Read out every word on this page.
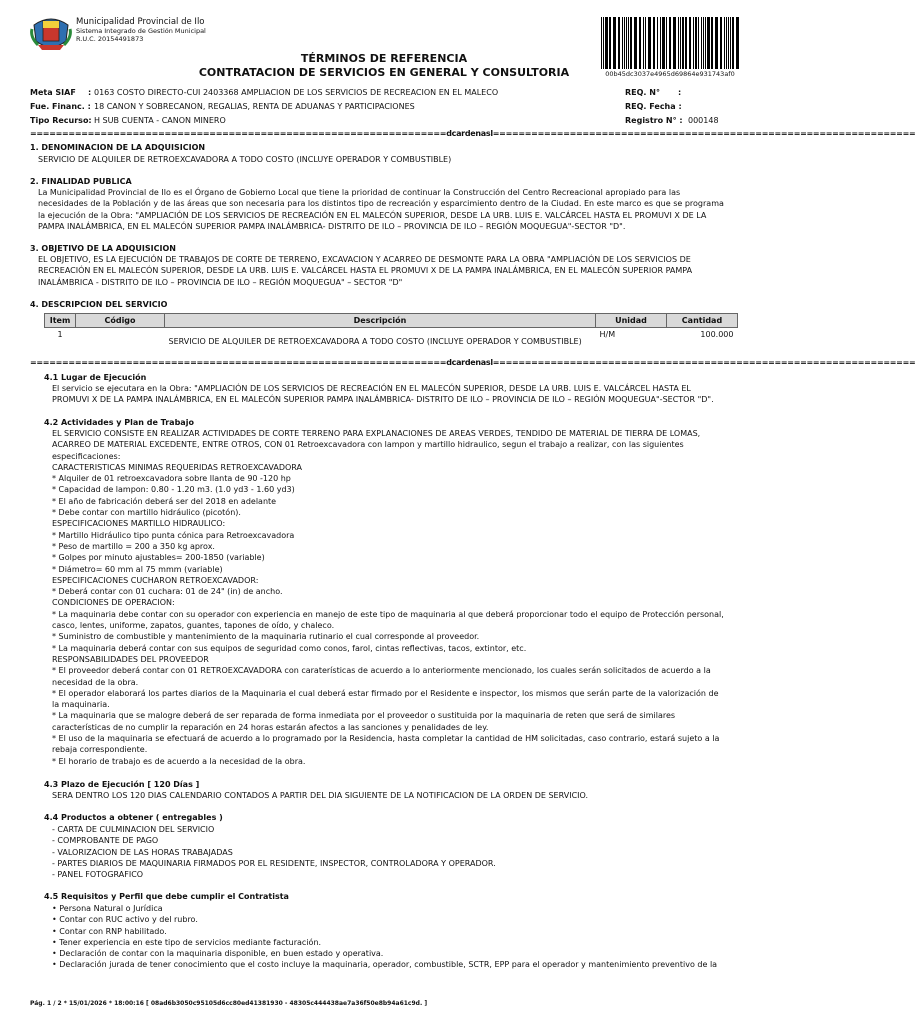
Municipalidad Provincial de Ilo
Sistema Integrado de Gestión Municipal
R.U.C. 20154491873
00b45dc3037e4965d69864e931743af0
TÉRMINOS DE REFERENCIA
CONTRATACION DE SERVICIOS EN GENERAL Y CONSULTORIA
Meta SIAF : 0163 COSTO DIRECTO-CUI 2403368 AMPLIACION DE LOS SERVICIOS DE RECREACION EN EL MALECO
Fue. Financ. : 18 CANON Y SOBRECANON, REGALIAS, RENTA DE ADUANAS Y PARTICIPACIONES
Tipo Recurso: H SUB CUENTA - CANON MINERO
REQ. N° :
REQ. Fecha :
Registro N° : 000148
=================================================================dcardenasl==================================================================
1. DENOMINACION DE LA ADQUISICION
SERVICIO DE ALQUILER DE RETROEXCAVADORA A TODO COSTO (INCLUYE OPERADOR Y COMBUSTIBLE)
2. FINALIDAD PUBLICA
La Municipalidad Provincial de Ilo es el Órgano de Gobierno Local que tiene la prioridad de continuar la Construcción del Centro Recreacional apropiado para las
necesidades de la Población y de las áreas que son necesaria para los distintos tipo de recreación y esparcimiento dentro de la Ciudad. En este marco es que se programa
la ejecución de la Obra: "AMPLIACIÓN DE LOS SERVICIOS DE RECREACIÓN EN EL MALECÓN SUPERIOR, DESDE LA URB. LUIS E. VALCÁRCEL HASTA EL PROMUVI X DE LA
PAMPA INALÁMBRICA, EN EL MALECÓN SUPERIOR PAMPA INALÁMBRICA- DISTRITO DE ILO – PROVINCIA DE ILO – REGIÓN MOQUEGUA"-SECTOR "D".
3. OBJETIVO DE LA ADQUISICION
EL OBJETIVO, ES LA EJECUCIÓN DE TRABAJOS DE CORTE DE TERRENO, EXCAVACION Y ACARREO DE DESMONTE PARA LA OBRA "AMPLIACIÓN DE LOS SERVICIOS DE
RECREACIÓN EN EL MALECÓN SUPERIOR, DESDE LA URB. LUIS E. VALCÁRCEL HASTA EL PROMUVI X DE LA PAMPA INALÁMBRICA, EN EL MALECÓN SUPERIOR PAMPA
INALÁMBRICA - DISTRITO DE ILO – PROVINCIA DE ILO – REGIÓN MOQUEGUA" – SECTOR "D"
4. DESCRIPCION DEL SERVICIO
Item	Código	Descripción	Unidad	Cantidad
1		SERVICIO DE ALQUILER DE RETROEXCAVADORA A TODO COSTO (INCLUYE OPERADOR Y COMBUSTIBLE)	H/M	100.000
=================================================================dcardenasl==================================================================
4.1 Lugar de Ejecución
El servicio se ejecutara en la Obra: "AMPLIACIÓN DE LOS SERVICIOS DE RECREACIÓN EN EL MALECÓN SUPERIOR, DESDE LA URB. LUIS E. VALCÁRCEL HASTA EL
PROMUVI X DE LA PAMPA INALÁMBRICA, EN EL MALECÓN SUPERIOR PAMPA INALÁMBRICA- DISTRITO DE ILO – PROVINCIA DE ILO – REGIÓN MOQUEGUA"-SECTOR "D".
4.2 Actividades y Plan de Trabajo
EL SERVICIO CONSISTE EN REALIZAR ACTIVIDADES DE CORTE TERRENO PARA EXPLANACIONES DE AREAS VERDES, TENDIDO DE MATERIAL DE TIERRA DE LOMAS,
ACARREO DE MATERIAL EXCEDENTE, ENTRE OTROS, CON 01 Retroexcavadora con lampon y martillo hidraulico, segun el trabajo a realizar, con las siguientes
especificaciones:
CARACTERISTICAS MINIMAS REQUERIDAS RETROEXCAVADORA
* Alquiler de 01 retroexcavadora sobre llanta de 90 -120 hp
* Capacidad de lampon: 0.80 - 1.20 m3. (1.0 yd3 - 1.60 yd3)
* El año de fabricación deberá ser del 2018 en adelante
* Debe contar con martillo hidráulico (picotón).
ESPECIFICACIONES MARTILLO HIDRAULICO:
* Martillo Hidráulico tipo punta cónica para Retroexcavadora
* Peso de martillo = 200 a 350 kg aprox.
* Golpes por minuto ajustables= 200-1850 (variable)
* Diámetro= 60 mm al 75 mmm (variable)
ESPECIFICACIONES CUCHARON RETROEXCAVADOR:
* Deberá contar con 01 cuchara: 01 de 24" (in) de ancho.
CONDICIONES DE OPERACION:
* La maquinaria debe contar con su operador con experiencia en manejo de este tipo de maquinaria al que deberá proporcionar todo el equipo de Protección personal,
casco, lentes, uniforme, zapatos, guantes, tapones de oído, y chaleco.
* Suministro de combustible y mantenimiento de la maquinaria rutinario el cual corresponde al proveedor.
* La maquinaria deberá contar con sus equipos de seguridad como conos, farol, cintas reflectivas, tacos, extintor, etc.
RESPONSABILIDADES DEL PROVEEDOR
* El proveedor deberá contar con 01 RETROEXCAVADORA con caraterísticas de acuerdo a lo anteriormente mencionado, los cuales serán solicitados de acuerdo a la
necesidad de la obra.
* El operador elaborará los partes diarios de la Maquinaria el cual deberá estar firmado por el Residente e inspector, los mismos que serán parte de la valorización de
la maquinaria.
* La maquinaria que se malogre deberá de ser reparada de forma inmediata por el proveedor o sustituida por la maquinaria de reten que será de similares
características de no cumplir la reparación en 24 horas estarán afectos a las sanciones y penalidades de ley.
* El uso de la maquinaria se efectuará de acuerdo a lo programado por la Residencia, hasta completar la cantidad de HM solicitadas, caso contrario, estará sujeto a la
rebaja correspondiente.
* El horario de trabajo es de acuerdo a la necesidad de la obra.
4.3 Plazo de Ejecución [ 120 Días ]
SERA DENTRO LOS 120 DIAS CALENDARIO CONTADOS A PARTIR DEL DIA SIGUIENTE DE LA NOTIFICACION DE LA ORDEN DE SERVICIO.
4.4 Productos a obtener ( entregables )
- CARTA DE CULMINACION DEL SERVICIO
- COMPROBANTE DE PAGO
- VALORIZACION DE LAS HORAS TRABAJADAS
- PARTES DIARIOS DE MAQUINARIA FIRMADOS POR EL RESIDENTE, INSPECTOR, CONTROLADORA Y OPERADOR.
- PANEL FOTOGRAFICO
4.5 Requisitos y Perfil que debe cumplir el Contratista
• Persona Natural o Jurídica
• Contar con RUC activo y del rubro.
• Contar con RNP habilitado.
• Tener experiencia en este tipo de servicios mediante facturación.
• Declaración de contar con la maquinaria disponible, en buen estado y operativa.
• Declaración jurada de tener conocimiento que el costo incluye la maquinaria, operador, combustible, SCTR, EPP para el operador y mantenimiento preventivo de la
Pág. 1 / 2 * 15/01/2026 * 18:00:16 [ 08ad6b3050c95105d6cc80ed41381930 - 48305c444438ae7a36f50e8b94a61c9d. ]
